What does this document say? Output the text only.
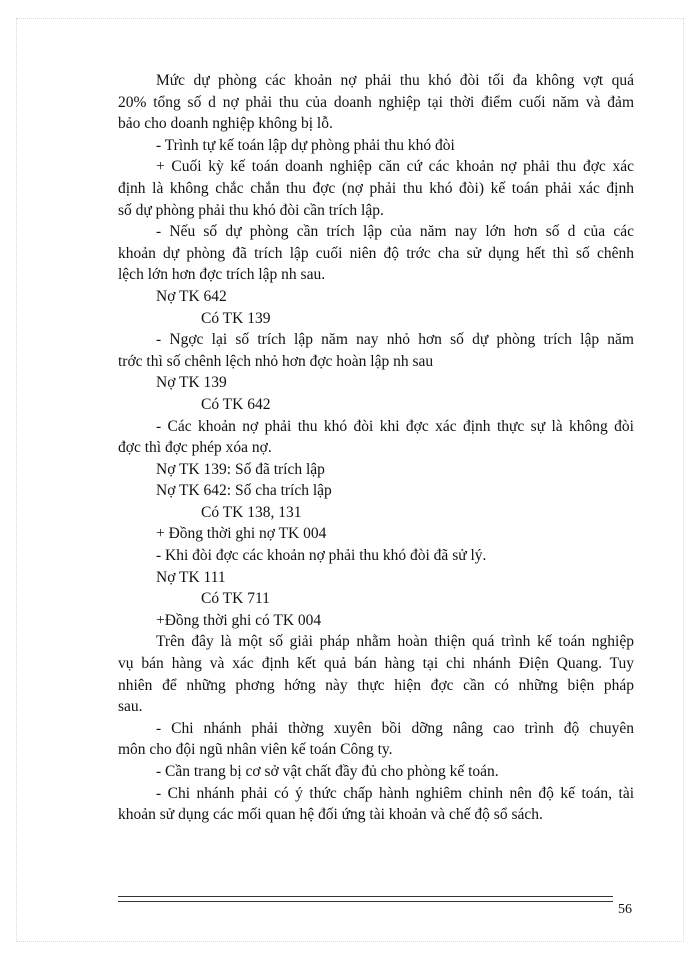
Mức dự phòng các khoản nợ phải thu khó đòi tối đa không vợt quá
20% tổng số d nợ phải thu của doanh nghiệp tại thời điểm cuối năm và đảm
bảo cho doanh nghiệp không bị lỗ.
- Trình tự kế toán lập dự phòng phải thu khó đòi
+ Cuối kỳ kế toán doanh nghiệp căn cứ các khoản nợ phải thu đợc xác
định là không chắc chắn thu đợc (nợ phải thu khó đòi) kế toán phải xác định
số dự phòng phải thu khó đòi cần trích lập.
- Nếu số dự phòng cần trích lập của năm nay lớn hơn số d của các
khoản dự phòng đã trích lập cuối niên độ trớc cha sử dụng hết thì số chênh
lệch lớn hơn đợc trích lập nh sau.
Nợ TK 642
Có TK 139
- Ngợc lại số trích lập năm nay nhỏ hơn số dự phòng trích lập năm
trớc thì số chênh lệch nhỏ hơn đợc hoàn lập nh sau
Nợ TK 139
Có TK 642
- Các khoản nợ phải thu khó đòi khi đợc xác định thực sự là không đòi
đợc thì đợc phép xóa nợ.
Nợ TK 139: Số đã trích lập
Nợ TK 642: Số cha trích lập
Có TK 138, 131
+ Đồng thời ghi nợ TK 004
- Khi đòi đợc các khoản nợ phải thu khó đòi đã sử lý.
Nợ TK 111
Có TK 711
+Đồng thời ghi có TK 004
Trên đây là một số giải pháp nhằm hoàn thiện quá trình kế toán nghiệp
vụ bán hàng và xác định kết quả bán hàng tại chi nhánh Điện Quang. Tuy
nhiên để những phơng hớng này thực hiện đợc cần có những biện pháp
sau.
- Chi nhánh phải thờng xuyên bồi dỡng nâng cao trình độ chuyên
môn cho đội ngũ nhân viên kế toán Công ty.
- Cần trang bị cơ sở vật chất đầy đủ cho phòng kế toán.
- Chi nhánh phải có ý thức chấp hành nghiêm chỉnh nên độ kế toán, tài
khoản sử dụng các mối quan hệ đối ứng tài khoản và chế độ sổ sách.
56
